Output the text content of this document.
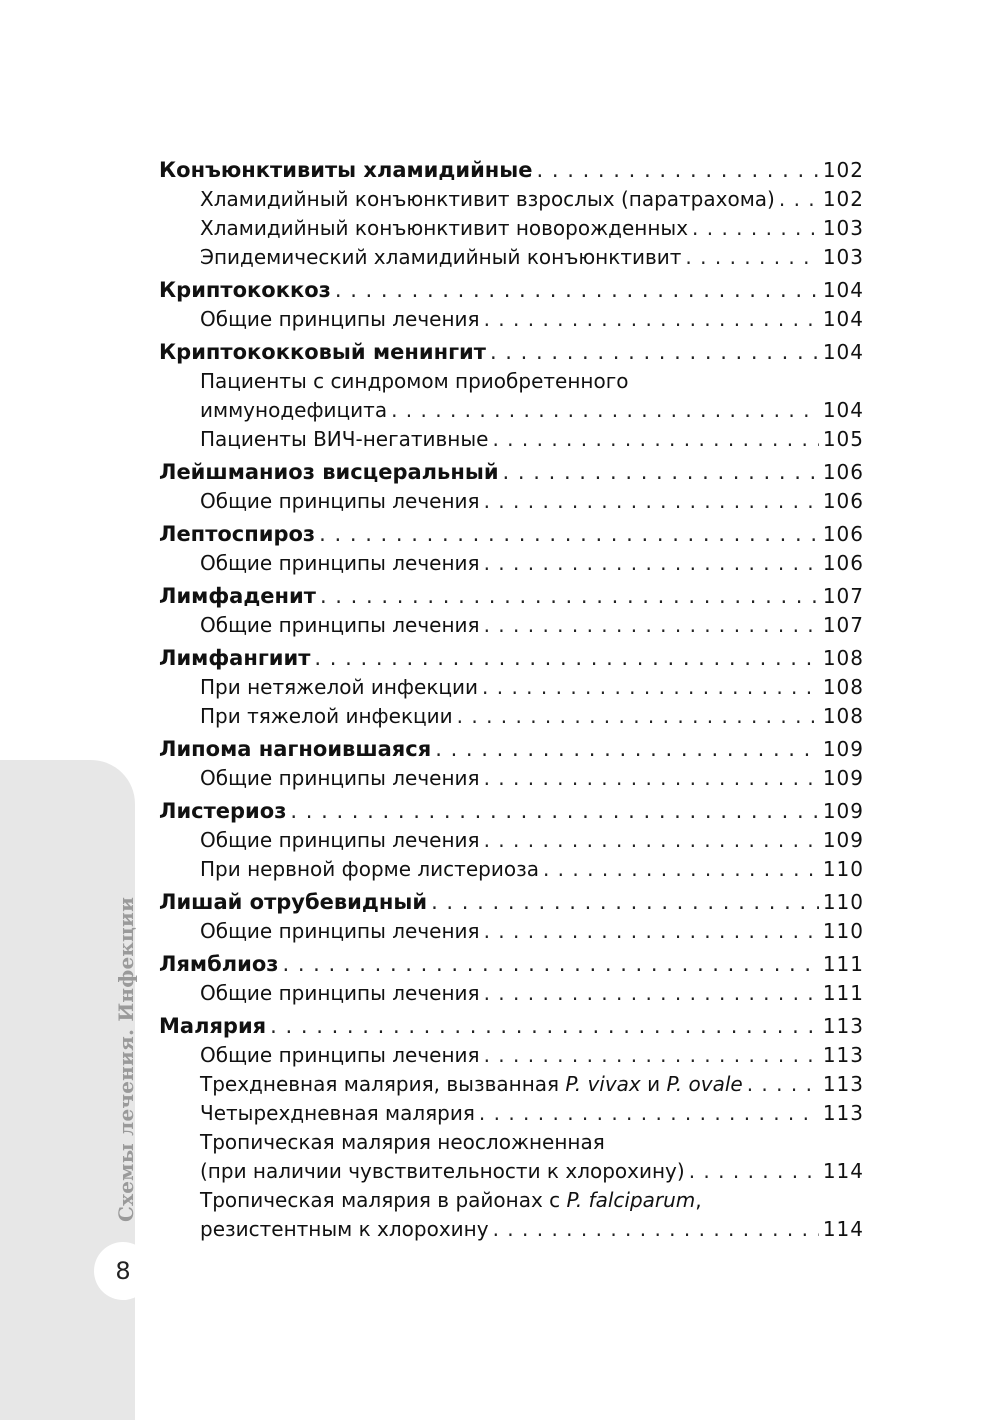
Схемы лечения. Инфекции
8
Конъюнктивиты хламидийные . . .	102
Хламидийный конъюнктивит взрослых (паратрахома) . . . 102
Хламидийный конъюнктивит новорожденных . . .	103
Эпидемический хламидийный конъюнктивит . . .	103
Криптококкоз . . .	104
Общие принципы лечения . . .	104
Криптококковый менингит . . .	104
Пациенты с синдромом приобретенного
иммунодефицита . . .	104
Пациенты ВИЧ-негативные . . .	105
Лейшманиоз висцеральный . . .	106
Общие принципы лечения . . .	106
Лептоспироз . . .	106
Общие принципы лечения . . .	106
Лимфаденит . . .	107
Общие принципы лечения . . .	107
Лимфангиит . . .	108
При нетяжелой инфекции . . .	108
При тяжелой инфекции . . .	108
Липома нагноившаяся . . .	109
Общие принципы лечения . . .	109
Листериоз . . .	109
Общие принципы лечения . . .	109
При нервной форме листериоза . . .	110
Лишай отрубевидный . . .	110
Общие принципы лечения . . .	110
Лямблиоз . . .	111
Общие принципы лечения . . .	111
Малярия . . .	113
Общие принципы лечения . . .	113
Трехдневная малярия, вызванная P. vivax и P. ovale . . .	113
Четырехдневная малярия . . .	113
Тропическая малярия неосложненная
(при наличии чувствительности к хлорохину) . . .	114
Тропическая малярия в районах с P. falciparum,
резистентным к хлорохину . . .	114
